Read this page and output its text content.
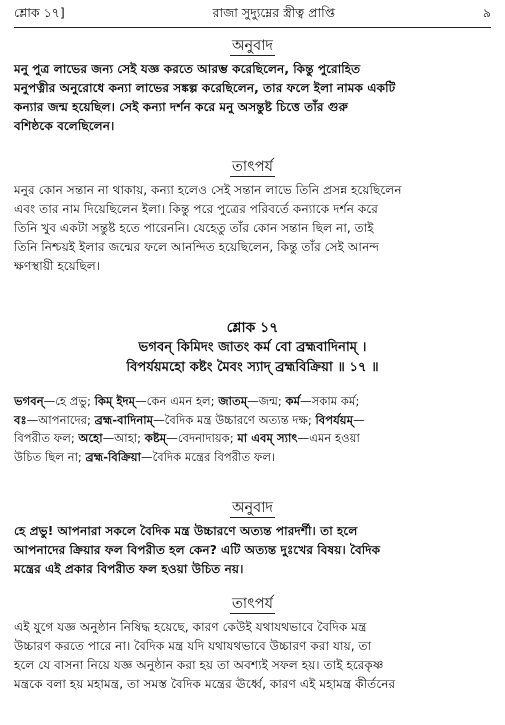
শ্লোক ১৭]	রাজা সুদ্যুম্নের স্ত্রীত্ব প্রাপ্তি	৯

অনুবাদ

মনু পুত্র লাভের জন্য সেই যজ্ঞ করতে আরম্ভ করেছিলেন, কিন্তু পুরোহিত

মনুপত্নীর অনুরোধে কন্যা লাভের সঙ্কল্প করেছিলেন, তার ফলে ইলা নামক একটি

কন্যার জন্ম হয়েছিল। সেই কন্যা দর্শন করে মনু অসন্তুষ্ট চিত্তে তাঁর গুরু

বশিষ্ঠকে বলেছিলেন।

তাৎপর্য

মনুর কোন সন্তান না থাকায়, কন্যা হলেও সেই সন্তান লাভে তিনি প্রসন্ন হয়েছিলেন

এবং তার নাম দিয়েছিলেন ইলা। কিন্তু পরে পুত্রের পরিবর্তে কন্যাকে দর্শন করে

তিনি খুব একটা সন্তুষ্ট হতে পারেননি। যেহেতু তাঁর কোন সন্তান ছিল না, তাই

তিনি নিশ্চয়ই ইলার জন্মের ফলে আনন্দিত হয়েছিলেন, কিন্তু তাঁর সেই আনন্দ

ক্ষণস্থায়ী হয়েছিল।

শ্লোক ১৭

ভগবন্ কিমিদং জাতং কর্ম বো ব্রহ্মবাদিনাম্ ।

বিপর্যয়মহো কষ্টং মৈবং স্যাদ্ ব্রহ্মবিক্রিয়া ॥ ১৭ ॥

ভগবন্—হে প্রভু; কিম্ ইদম্—কেন এমন হল; জাতম্—জন্ম; কর্ম—সকাম কর্ম;

বঃ—আপনাদের; ব্রহ্ম-বাদিনাম্—বৈদিক মন্ত্র উচ্চারণে অত্যন্ত দক্ষ; বিপর্যয়ম্—

বিপরীত ফল; অহো—আহা; কষ্টম্—বেদনাদায়ক; মা এবম্ স্যাৎ—এমন হওয়া

উচিত ছিল না; ব্রহ্ম-বিক্রিয়া—বৈদিক মন্ত্রের বিপরীত ফল।

অনুবাদ

হে প্রভু! আপনারা সকলে বৈদিক মন্ত্র উচ্চারণে অত্যন্ত পারদর্শী। তা হলে

আপনাদের ক্রিয়ার ফল বিপরীত হল কেন? এটি অত্যন্ত দুঃখের বিষয়। বৈদিক

মন্ত্রের এই প্রকার বিপরীত ফল হওয়া উচিত নয়।

তাৎপর্য

এই যুগে যজ্ঞ অনুষ্ঠান নিষিদ্ধ হয়েছে, কারণ কেউই যথাযথভাবে বৈদিক মন্ত্র

উচ্চারণ করতে পারে না। বৈদিক মন্ত্র যদি যথাযথভাবে উচ্চারণ করা যায়, তা

হলে যে বাসনা নিয়ে যজ্ঞ অনুষ্ঠান করা হয় তা অবশ্যই সফল হয়। তাই হরেকৃষ্ণ

মন্ত্রকে বলা হয় মহামন্ত্র, তা সমস্ত বৈদিক মন্ত্রের ঊর্ধ্বে, কারণ এই মহামন্ত্র কীর্তনের
